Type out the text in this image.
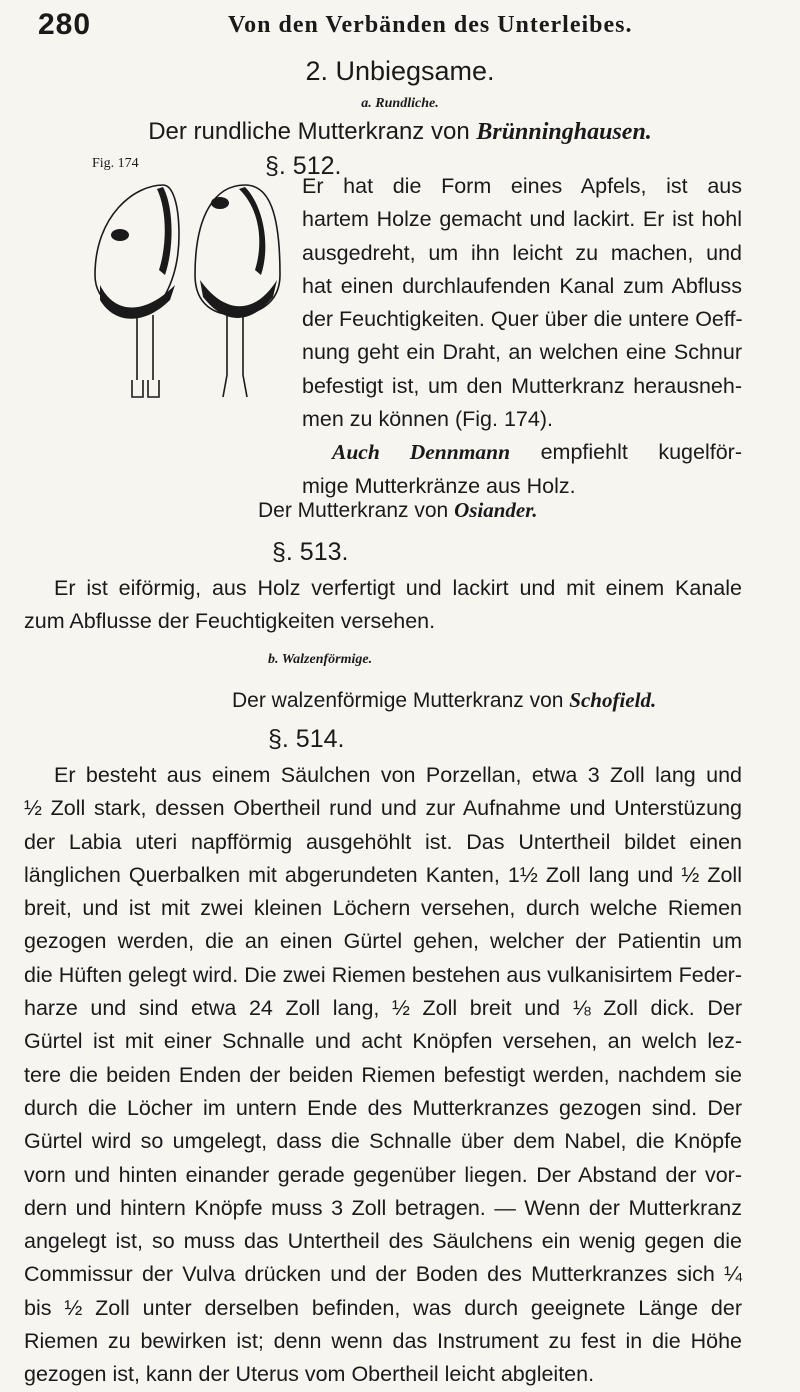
280	Von den Verbänden des Unterleibes.
2. Unbiegsame.
a. Rundliche.
Der rundliche Mutterkranz von Brünninghausen.
§. 512.
Fig. 174
Er hat die Form eines Apfels, ist aus
hartem Holze gemacht und lackirt. Er ist hohl
ausgedreht, um ihn leicht zu machen, und
hat einen durchlaufenden Kanal zum Abfluss
der Feuchtigkeiten. Quer über die untere Oeff-
nung geht ein Draht, an welchen eine Schnur
befestigt ist, um den Mutterkranz herausneh-
men zu können (Fig. 174).
Auch Dennmann empfiehlt kugelför-
mige Mutterkränze aus Holz.
Der Mutterkranz von Osiander.
§. 513.
Er ist eiförmig, aus Holz verfertigt und lackirt und mit einem Kanale
zum Abflusse der Feuchtigkeiten versehen.
b. Walzenförmige.
Der walzenförmige Mutterkranz von Schofield.
§. 514.
Er besteht aus einem Säulchen von Porzellan, etwa 3 Zoll lang und
½ Zoll stark, dessen Obertheil rund und zur Aufnahme und Unterstüzung
der Labia uteri napfförmig ausgehöhlt ist. Das Untertheil bildet einen
länglichen Querbalken mit abgerundeten Kanten, 1½ Zoll lang und ½ Zoll
breit, und ist mit zwei kleinen Löchern versehen, durch welche Riemen
gezogen werden, die an einen Gürtel gehen, welcher der Patientin um
die Hüften gelegt wird. Die zwei Riemen bestehen aus vulkanisirtem Feder-
harze und sind etwa 24 Zoll lang, ½ Zoll breit und ⅛ Zoll dick. Der
Gürtel ist mit einer Schnalle und acht Knöpfen versehen, an welch lez-
tere die beiden Enden der beiden Riemen befestigt werden, nachdem sie
durch die Löcher im untern Ende des Mutterkranzes gezogen sind. Der
Gürtel wird so umgelegt, dass die Schnalle über dem Nabel, die Knöpfe
vorn und hinten einander gerade gegenüber liegen. Der Abstand der vor-
dern und hintern Knöpfe muss 3 Zoll betragen. — Wenn der Mutterkranz
angelegt ist, so muss das Untertheil des Säulchens ein wenig gegen die
Commissur der Vulva drücken und der Boden des Mutterkranzes sich ¼
bis ½ Zoll unter derselben befinden, was durch geeignete Länge der
Riemen zu bewirken ist; denn wenn das Instrument zu fest in die Höhe
gezogen ist, kann der Uterus vom Obertheil leicht abgleiten.
